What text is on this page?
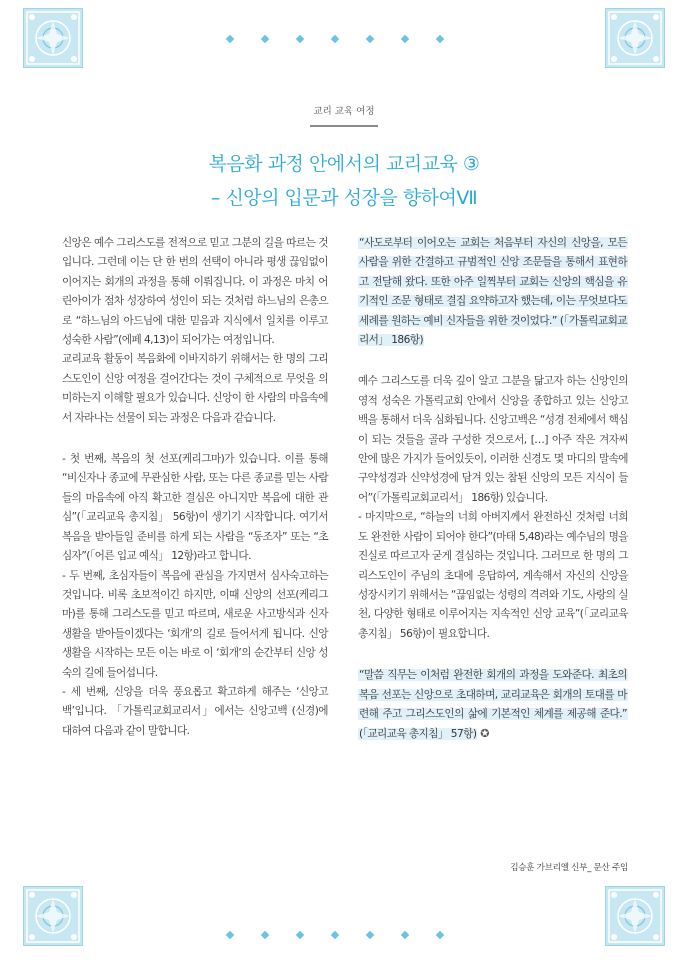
교리 교육 여정
복음화 과정 안에서의 교리교육 ③
– 신앙의 입문과 성장을 향하여Ⅶ

신앙은 예수 그리스도를 전적으로 믿고 그분의 길을 따르는 것입니다. 그런데 이는 단 한 번의 선택이 아니라 평생 끊임없이 이어지는 회개의 과정을 통해 이뤄집니다. 이 과정은 마치 어린아이가 점차 성장하여 성인이 되는 것처럼 하느님의 은총으로 “하느님의 아드님에 대한 믿음과 지식에서 일치를 이루고 성숙한 사람”(에페 4,13)이 되어가는 여정입니다.

교리교육 활동이 복음화에 이바지하기 위해서는 한 명의 그리스도인이 신앙 여정을 걸어간다는 것이 구체적으로 무엇을 의미하는지 이해할 필요가 있습니다. 신앙이 한 사람의 마음속에서 자라나는 선물이 되는 과정은 다음과 같습니다.

- 첫 번째, 복음의 첫 선포(케리그마)가 있습니다. 이를 통해 “비신자나 종교에 무관심한 사람, 또는 다른 종교를 믿는 사람들의 마음속에 아직 확고한 결심은 아니지만 복음에 대한 관심”(「교리교육 총지침」 56항)이 생기기 시작합니다. 여기서 복음을 받아들일 준비를 하게 되는 사람을 “동조자” 또는 “초심자”(「어른 입교 예식」 12항)라고 합니다.

- 두 번째, 초심자들이 복음에 관심을 가지면서 심사숙고하는 것입니다. 비록 초보적이긴 하지만, 이때 신앙의 선포(케리그마)를 통해 그리스도를 믿고 따르며, 새로운 사고방식과 신자생활을 받아들이겠다는 ‘회개’의 길로 들어서게 됩니다. 신앙생활을 시작하는 모든 이는 바로 이 ‘회개’의 순간부터 신앙 성숙의 길에 들어섭니다.

- 세 번째, 신앙을 더욱 풍요롭고 확고하게 해주는 ‘신앙고백’입니다. 「가톨릭교회교리서」에서는 신앙고백 (신경)에 대하여 다음과 같이 말합니다.

“사도로부터 이어오는 교회는 처음부터 자신의 신앙을, 모든 사람을 위한 간결하고 규범적인 신앙 조문들을 통해서 표현하고 전달해 왔다. 또한 아주 일찍부터 교회는 신앙의 핵심을 유기적인 조문 형태로 결집 요약하고자 했는데, 이는 무엇보다도 세례를 원하는 예비 신자들을 위한 것이었다.” (「가톨릭교회교리서」 186항)

예수 그리스도를 더욱 깊이 알고 그분을 닮고자 하는 신앙인의 영적 성숙은 가톨릭교회 안에서 신앙을 종합하고 있는 신앙고백을 통해서 더욱 심화됩니다. 신앙고백은 “성경 전체에서 핵심이 되는 것들을 골라 구성한 것으로서, […] 아주 작은 겨자씨 안에 많은 가지가 들어있듯이, 이러한 신경도 몇 마디의 말속에 구약성경과 신약성경에 담겨 있는 참된 신앙의 모든 지식이 들어”(「가톨릭교회교리서」 186항) 있습니다.

- 마지막으로, “하늘의 너희 아버지께서 완전하신 것처럼 너희도 완전한 사람이 되어야 한다”(마태 5,48)라는 예수님의 명을 진실로 따르고자 굳게 결심하는 것입니다. 그러므로 한 명의 그리스도인이 주님의 초대에 응답하여, 계속해서 자신의 신앙을 성장시키기 위해서는 “끊임없는 성령의 격려와 기도, 사랑의 실천, 다양한 형태로 이루어지는 지속적인 신앙 교육”(「교리교육 총지침」 56항)이 필요합니다.

“말씀 직무는 이처럼 완전한 회개의 과정을 도와준다. 최초의 복음 선포는 신앙으로 초대하며, 교리교육은 회개의 토대를 마련해 주고 그리스도인의 삶에 기본적인 체계를 제공해 준다.” (「교리교육 총지침」 57항) ✪

김승훈 가브리엘 신부_ 문산 주임
